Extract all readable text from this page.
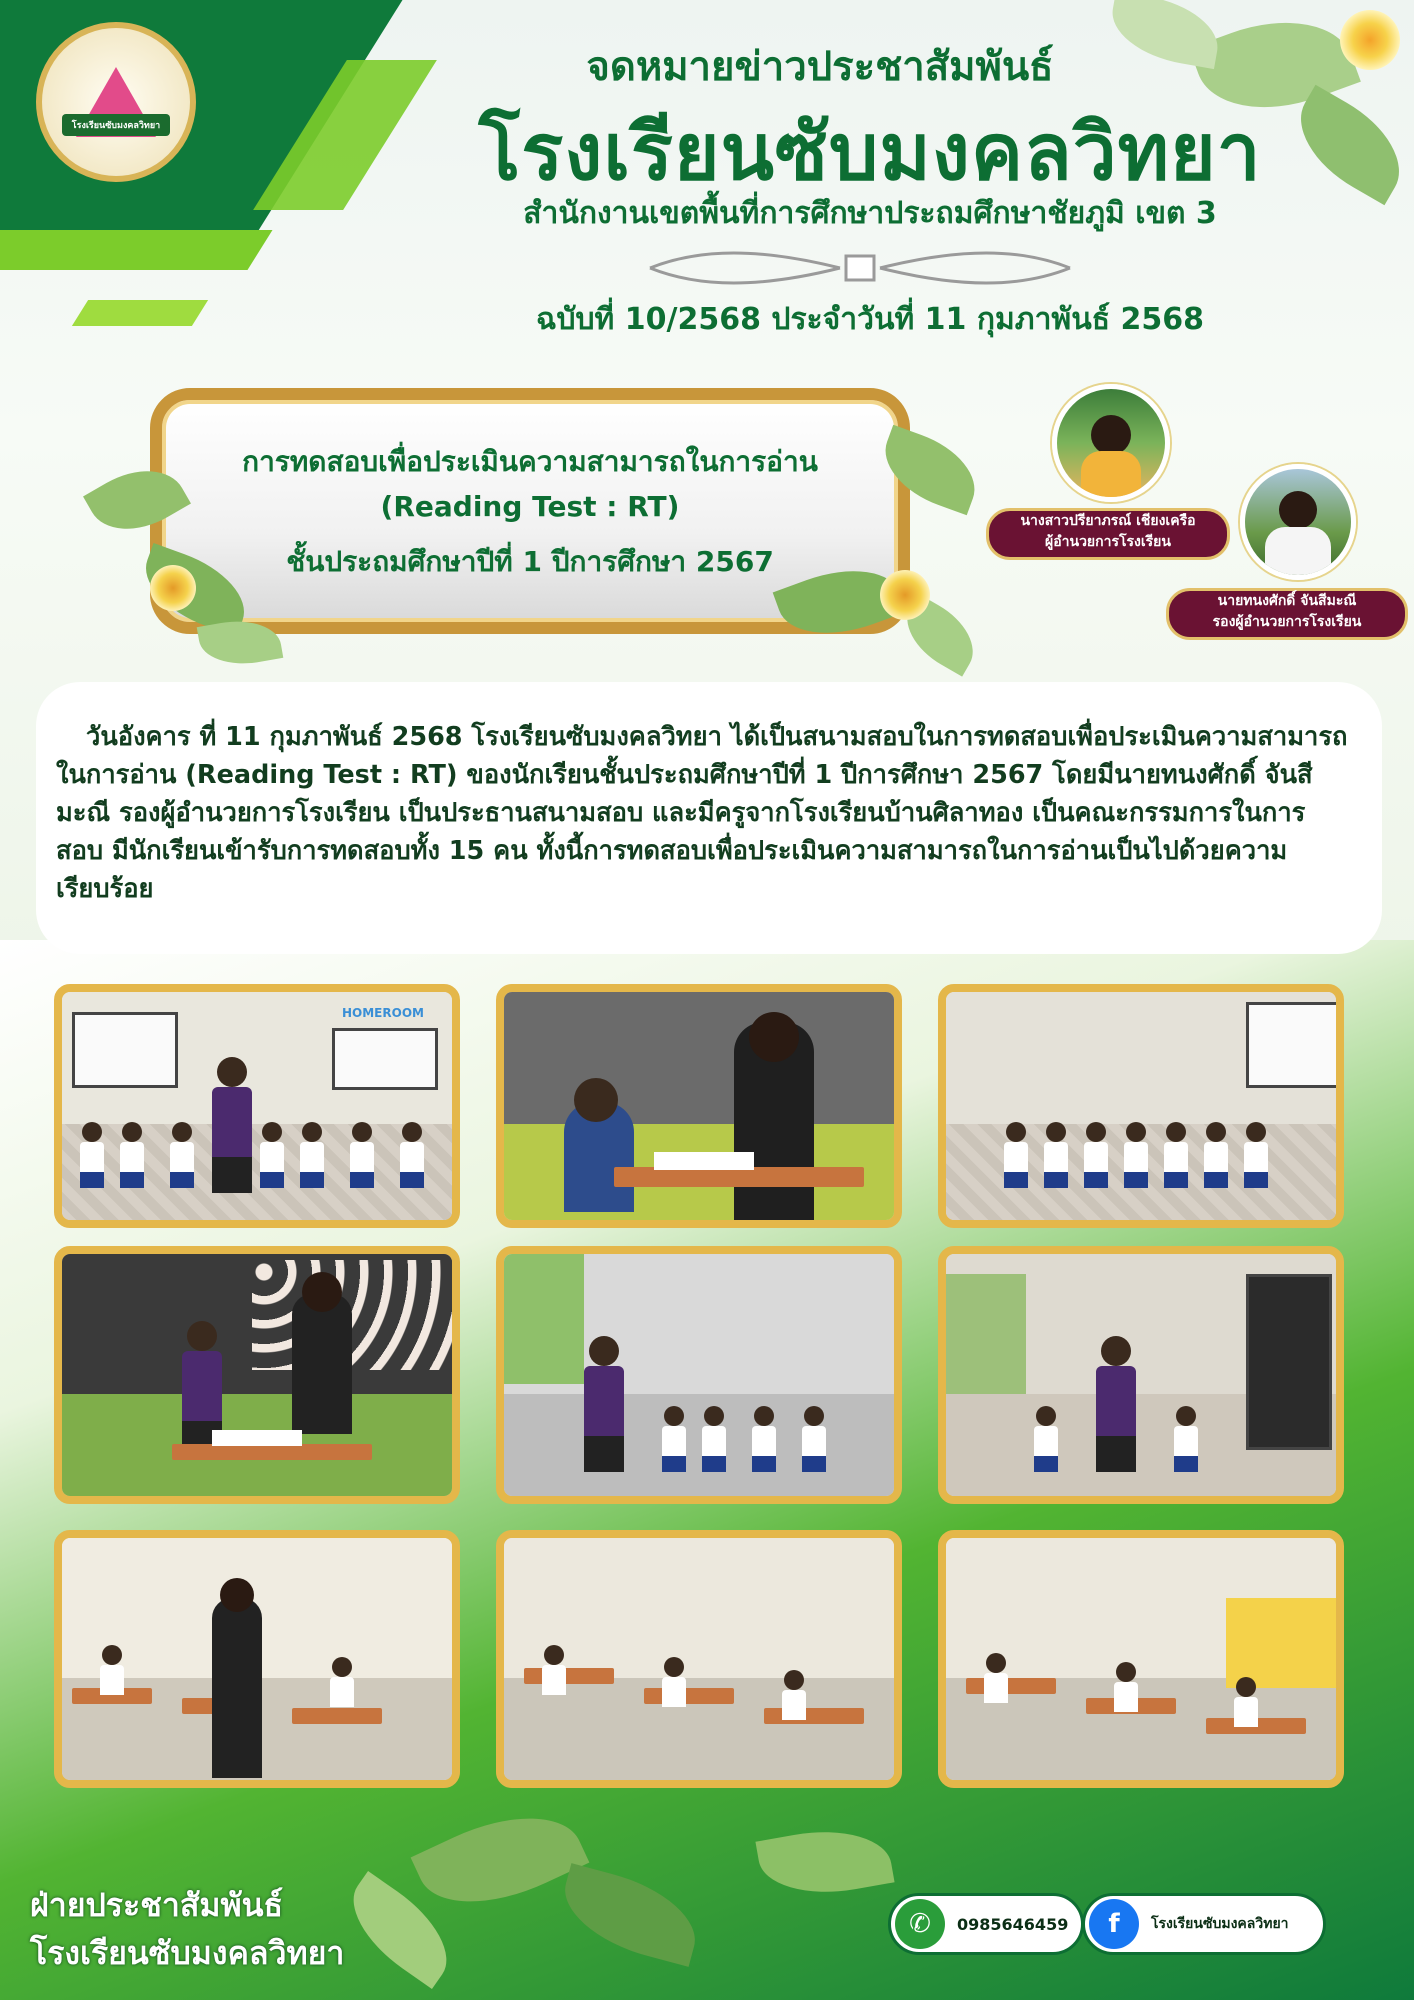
โรงเรียนซับมงคลวิทยา
จดหมายข่าวประชาสัมพันธ์
โรงเรียนซับมงคลวิทยา
สำนักงานเขตพื้นที่การศึกษาประถมศึกษาชัยภูมิ เขต 3
ฉบับที่ 10/2568 ประจำวันที่ 11 กุมภาพันธ์ 2568
การทดสอบเพื่อประเมินความสามารถในการอ่าน
(Reading Test : RT)
ชั้นประถมศึกษาปีที่ 1 ปีการศึกษา 2567
นางสาวปรียาภรณ์ เชียงเครือ
ผู้อำนวยการโรงเรียน
นายทนงศักดิ์ จันสีมะณี
รองผู้อำนวยการโรงเรียน
วันอังคาร ที่ 11 กุมภาพันธ์ 2568 โรงเรียนซับมงคลวิทยา ได้เป็นสนามสอบในการทดสอบเพื่อประเมินความสามารถในการอ่าน (Reading Test : RT) ของนักเรียนชั้นประถมศึกษาปีที่ 1 ปีการศึกษา 2567 โดยมีนายทนงศักดิ์ จันสีมะณี รองผู้อำนวยการโรงเรียน เป็นประธานสนามสอบ และมีครูจากโรงเรียนบ้านศิลาทอง เป็นคณะกรรมการในการสอบ มีนักเรียนเข้ารับการทดสอบทั้ง 15 คน ทั้งนี้การทดสอบเพื่อประเมินความสามารถในการอ่านเป็นไปด้วยความเรียบร้อย
HOMEROOM
ฝ่ายประชาสัมพันธ์
โรงเรียนซับมงคลวิทยา
✆	0985646459	f	โรงเรียนซับมงคลวิทยา
